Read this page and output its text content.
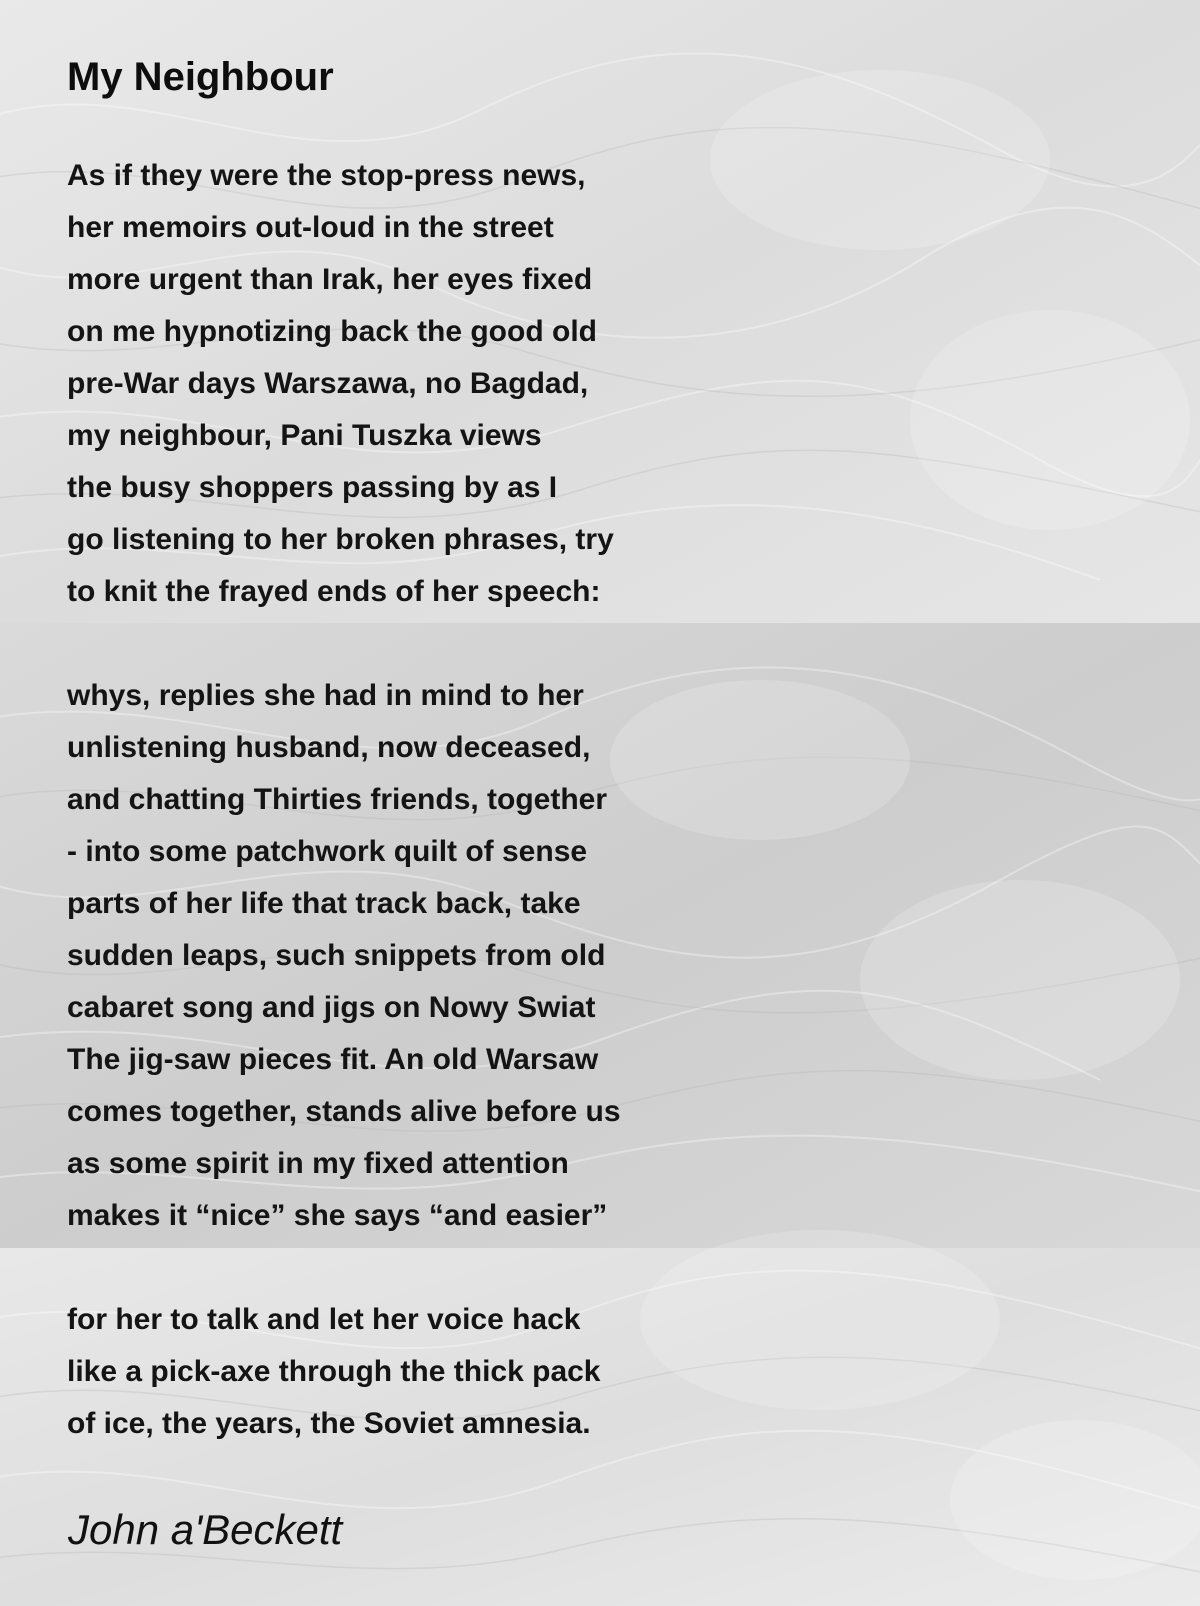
My Neighbour
As if they were the stop-press news,
her memoirs out-loud in the street
more urgent than Irak, her eyes fixed
on me hypnotizing back the good old
pre-War days Warszawa, no Bagdad,
my neighbour, Pani Tuszka views
the busy shoppers passing by as I
go listening to her broken phrases, try
to knit the frayed ends of her speech:
whys, replies she had in mind to her
unlistening husband, now deceased,
and chatting Thirties friends, together
- into some patchwork quilt of sense
parts of her life that track back, take
sudden leaps, such snippets from old
cabaret song and jigs on Nowy Swiat
The jig-saw pieces fit. An old Warsaw
comes together, stands alive before us
as some spirit in my fixed attention
makes it “nice” she says “and easier”
for her to talk and let her voice hack
like a pick-axe through the thick pack
of ice, the years, the Soviet amnesia.

John a'Beckett
